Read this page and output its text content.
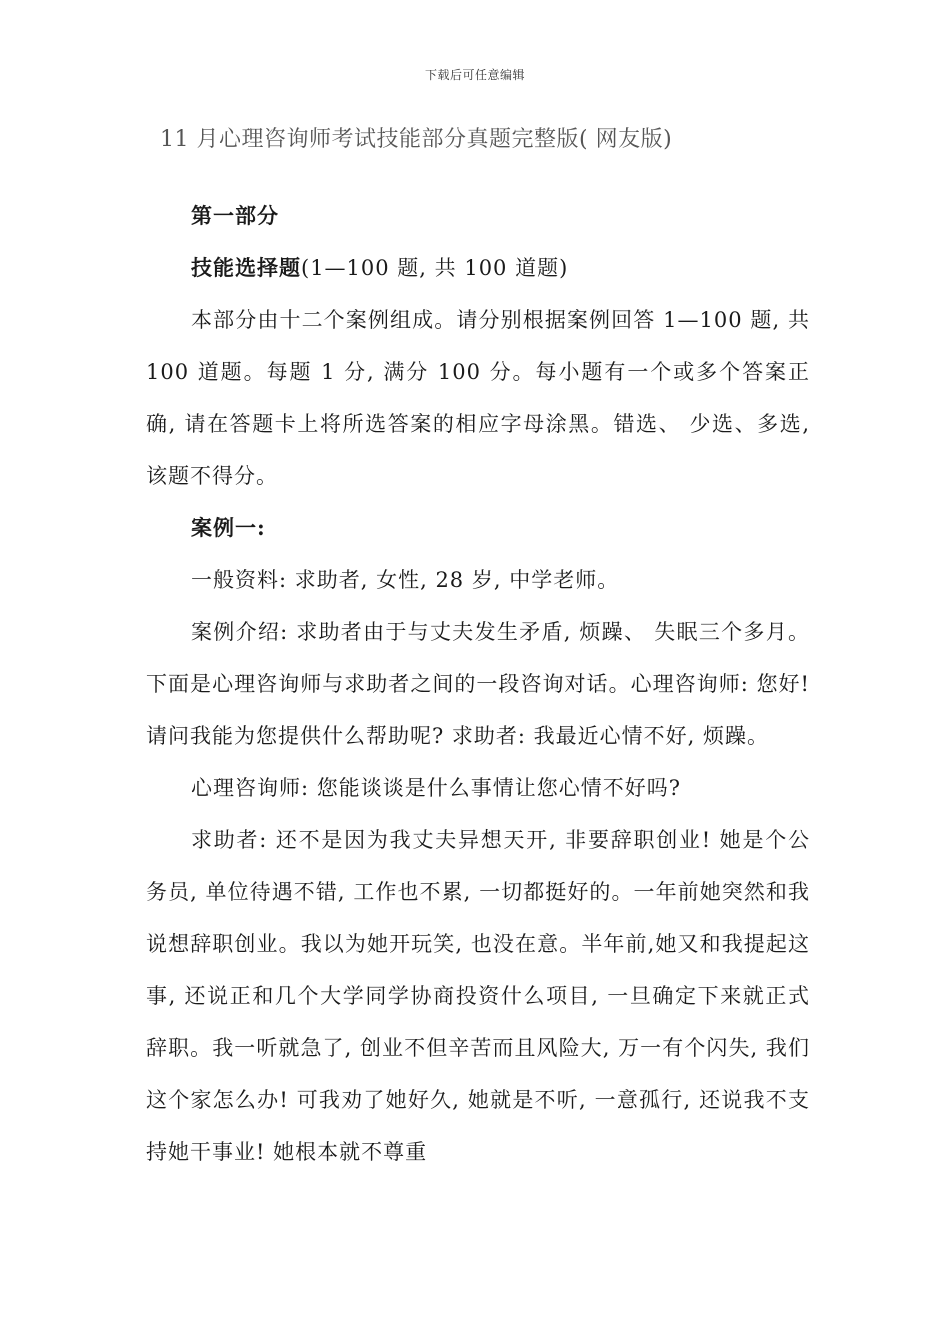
下载后可任意编辑
11 月心理咨询师考试技能部分真题完整版( 网友版)

第一部分

技能选择题(1—100 题, 共 100 道题)

本部分由十二个案例组成。请分别根据案例回答 1—100 题, 共 100 道题。每题 1 分, 满分 100 分。每小题有一个或多个答案正确, 请在答题卡上将所选答案的相应字母涂黑。错选、 少选、多选, 该题不得分。

案例一:

一般资料: 求助者, 女性, 28 岁, 中学老师。

案例介绍: 求助者由于与丈夫发生矛盾, 烦躁、 失眠三个多月。下面是心理咨询师与求助者之间的一段咨询对话。心理咨询师: 您好! 请问我能为您提供什么帮助呢? 求助者: 我最近心情不好, 烦躁。

心理咨询师: 您能谈谈是什么事情让您心情不好吗?

求助者: 还不是因为我丈夫异想天开, 非要辞职创业! 她是个公务员, 单位待遇不错, 工作也不累, 一切都挺好的。一年前她突然和我说想辞职创业。我以为她开玩笑, 也没在意。半年前,她又和我提起这事, 还说正和几个大学同学协商投资什么项目, 一旦确定下来就正式辞职。我一听就急了, 创业不但辛苦而且风险大, 万一有个闪失, 我们这个家怎么办! 可我劝了她好久, 她就是不听, 一意孤行, 还说我不支持她干事业! 她根本就不尊重
